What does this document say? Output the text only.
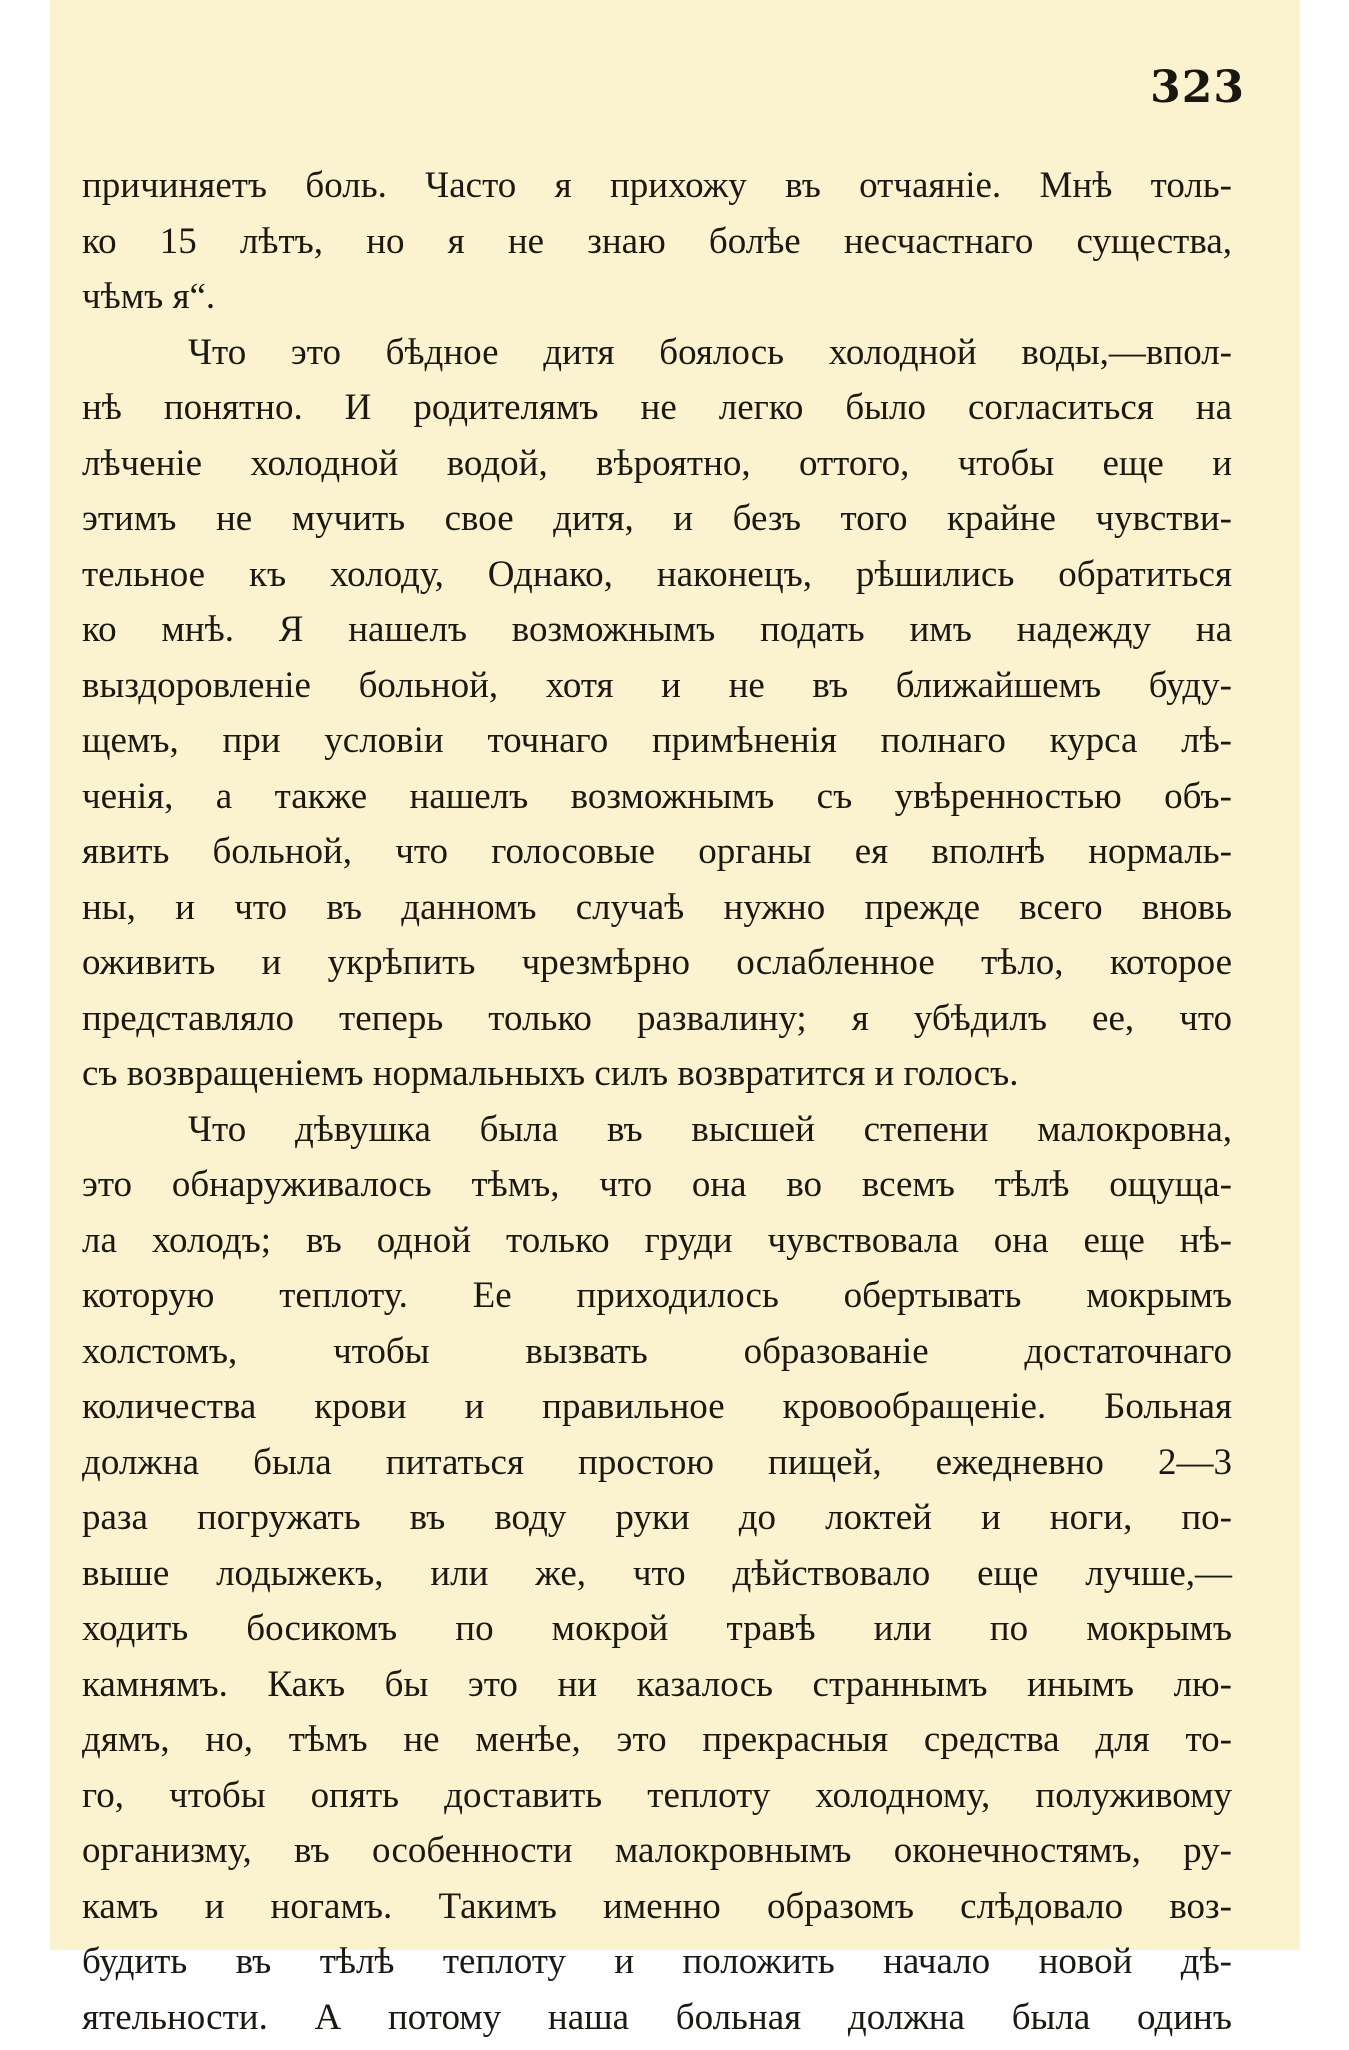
323
причиняетъ боль. Часто я прихожу въ отчаяніе. Мнѣ толь-
ко 15 лѣтъ, но я не знаю болѣе несчастнаго существа,
чѣмъ я“.
Что это бѣдное дитя боялось холодной воды,—впол-
нѣ понятно. И родителямъ не легко было согласиться на
лѣченіе холодной водой, вѣроятно, оттого, чтобы еще и
этимъ не мучить свое дитя, и безъ того крайне чувстви-
тельное къ холоду, Однако, наконецъ, рѣшились обратиться
ко мнѣ. Я нашелъ возможнымъ подать имъ надежду на
выздоровленіе больной, хотя и не въ ближайшемъ буду-
щемъ, при условіи точнаго примѣненія полнаго курса лѣ-
ченія, а также нашелъ возможнымъ съ увѣренностью объ-
явить больной, что голосовые органы ея вполнѣ нормаль-
ны, и что въ данномъ случаѣ нужно прежде всего вновь
оживить и укрѣпить чрезмѣрно ослабленное тѣло, которое
представляло теперь только развалину; я убѣдилъ ее, что
съ возвращеніемъ нормальныхъ силъ возвратится и голосъ.
Что дѣвушка была въ высшей степени малокровна,
это обнаруживалось тѣмъ, что она во всемъ тѣлѣ ощуща-
ла холодъ; въ одной только груди чувствовала она еще нѣ-
которую теплоту. Ее приходилось обертывать мокрымъ
холстомъ, чтобы вызвать образованіе достаточнаго
количества крови и правильное кровообращеніе. Больная
должна была питаться простою пищей, ежедневно 2—3
раза погружать въ воду руки до локтей и ноги, по-
выше лодыжекъ, или же, что дѣйствовало еще лучше,—
ходить босикомъ по мокрой травѣ или по мокрымъ
камнямъ. Какъ бы это ни казалось страннымъ инымъ лю-
дямъ, но, тѣмъ не менѣе, это прекрасныя средства для то-
го, чтобы опять доставить теплоту холодному, полуживому
организму, въ особенности малокровнымъ оконечностямъ, ру-
камъ и ногамъ. Такимъ именно образомъ слѣдовало воз-
будить въ тѣлѣ теплоту и положить начало новой дѣ-
ятельности. А потому наша больная должна была одинъ
